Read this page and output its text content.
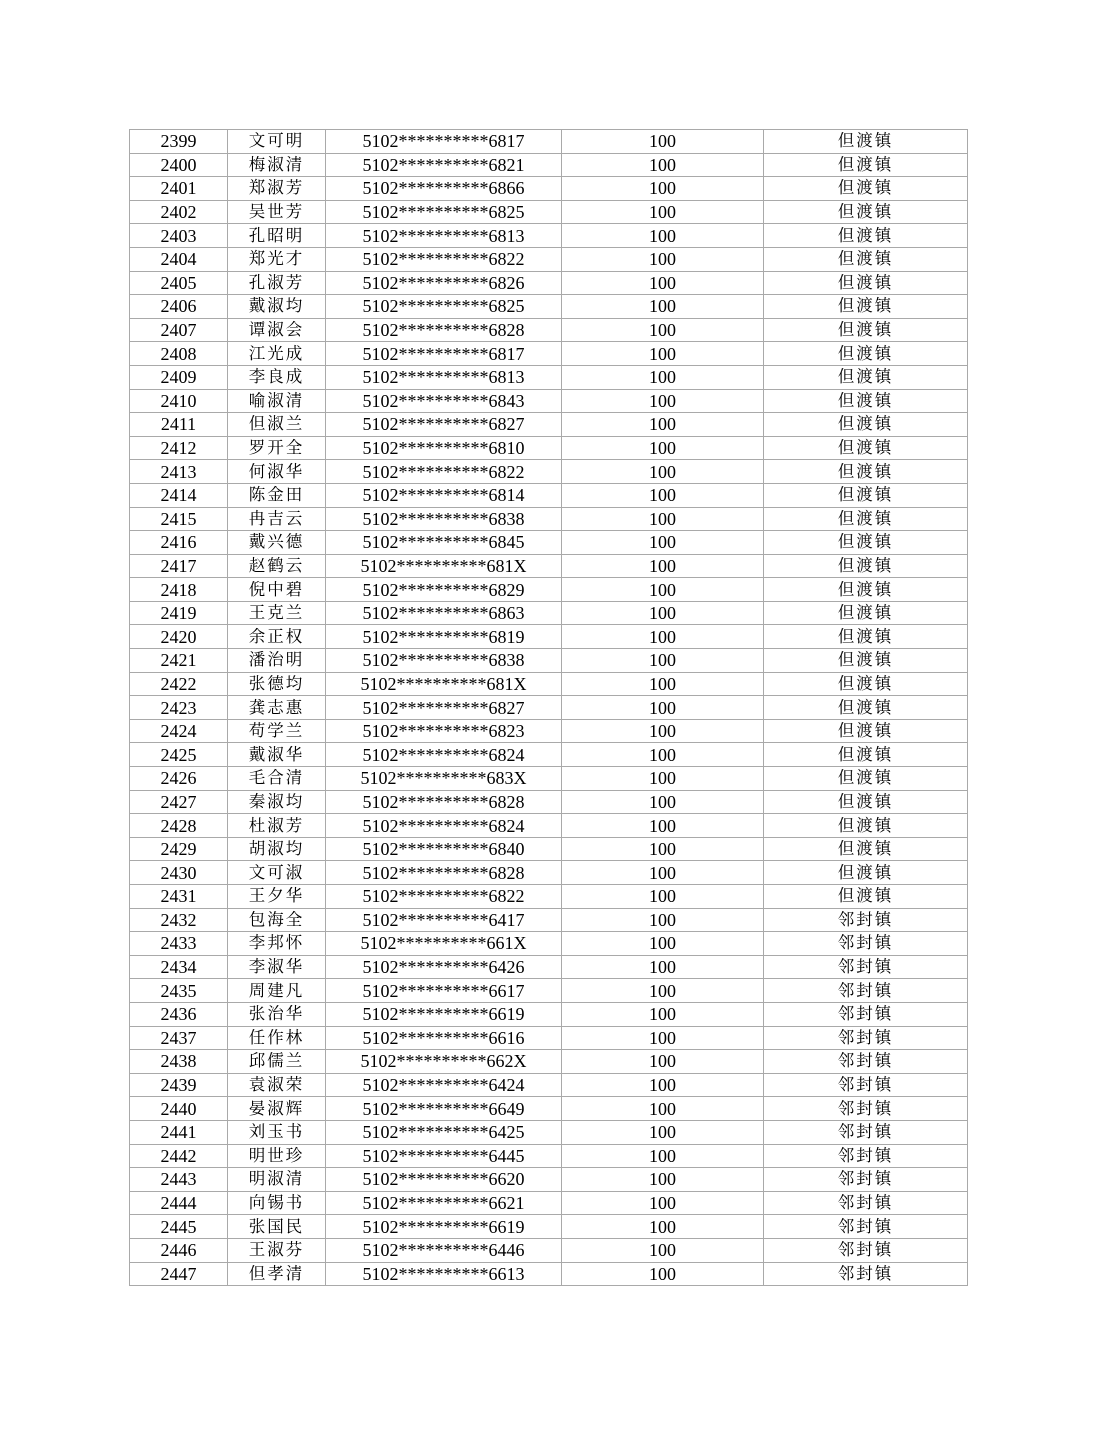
2399	文可明	5102**********6817	100	但渡镇
2400	梅淑清	5102**********6821	100	但渡镇
2401	郑淑芳	5102**********6866	100	但渡镇
2402	吴世芳	5102**********6825	100	但渡镇
2403	孔昭明	5102**********6813	100	但渡镇
2404	郑光才	5102**********6822	100	但渡镇
2405	孔淑芳	5102**********6826	100	但渡镇
2406	戴淑均	5102**********6825	100	但渡镇
2407	谭淑会	5102**********6828	100	但渡镇
2408	江光成	5102**********6817	100	但渡镇
2409	李良成	5102**********6813	100	但渡镇
2410	喻淑清	5102**********6843	100	但渡镇
2411	但淑兰	5102**********6827	100	但渡镇
2412	罗开全	5102**********6810	100	但渡镇
2413	何淑华	5102**********6822	100	但渡镇
2414	陈金田	5102**********6814	100	但渡镇
2415	冉吉云	5102**********6838	100	但渡镇
2416	戴兴德	5102**********6845	100	但渡镇
2417	赵鹤云	5102**********681X	100	但渡镇
2418	倪中碧	5102**********6829	100	但渡镇
2419	王克兰	5102**********6863	100	但渡镇
2420	余正权	5102**********6819	100	但渡镇
2421	潘治明	5102**********6838	100	但渡镇
2422	张德均	5102**********681X	100	但渡镇
2423	龚志惠	5102**********6827	100	但渡镇
2424	苟学兰	5102**********6823	100	但渡镇
2425	戴淑华	5102**********6824	100	但渡镇
2426	毛合清	5102**********683X	100	但渡镇
2427	秦淑均	5102**********6828	100	但渡镇
2428	杜淑芳	5102**********6824	100	但渡镇
2429	胡淑均	5102**********6840	100	但渡镇
2430	文可淑	5102**********6828	100	但渡镇
2431	王夕华	5102**********6822	100	但渡镇
2432	包海全	5102**********6417	100	邻封镇
2433	李邦怀	5102**********661X	100	邻封镇
2434	李淑华	5102**********6426	100	邻封镇
2435	周建凡	5102**********6617	100	邻封镇
2436	张治华	5102**********6619	100	邻封镇
2437	任作林	5102**********6616	100	邻封镇
2438	邱儒兰	5102**********662X	100	邻封镇
2439	袁淑荣	5102**********6424	100	邻封镇
2440	晏淑辉	5102**********6649	100	邻封镇
2441	刘玉书	5102**********6425	100	邻封镇
2442	明世珍	5102**********6445	100	邻封镇
2443	明淑清	5102**********6620	100	邻封镇
2444	向锡书	5102**********6621	100	邻封镇
2445	张国民	5102**********6619	100	邻封镇
2446	王淑芬	5102**********6446	100	邻封镇
2447	但孝清	5102**********6613	100	邻封镇
